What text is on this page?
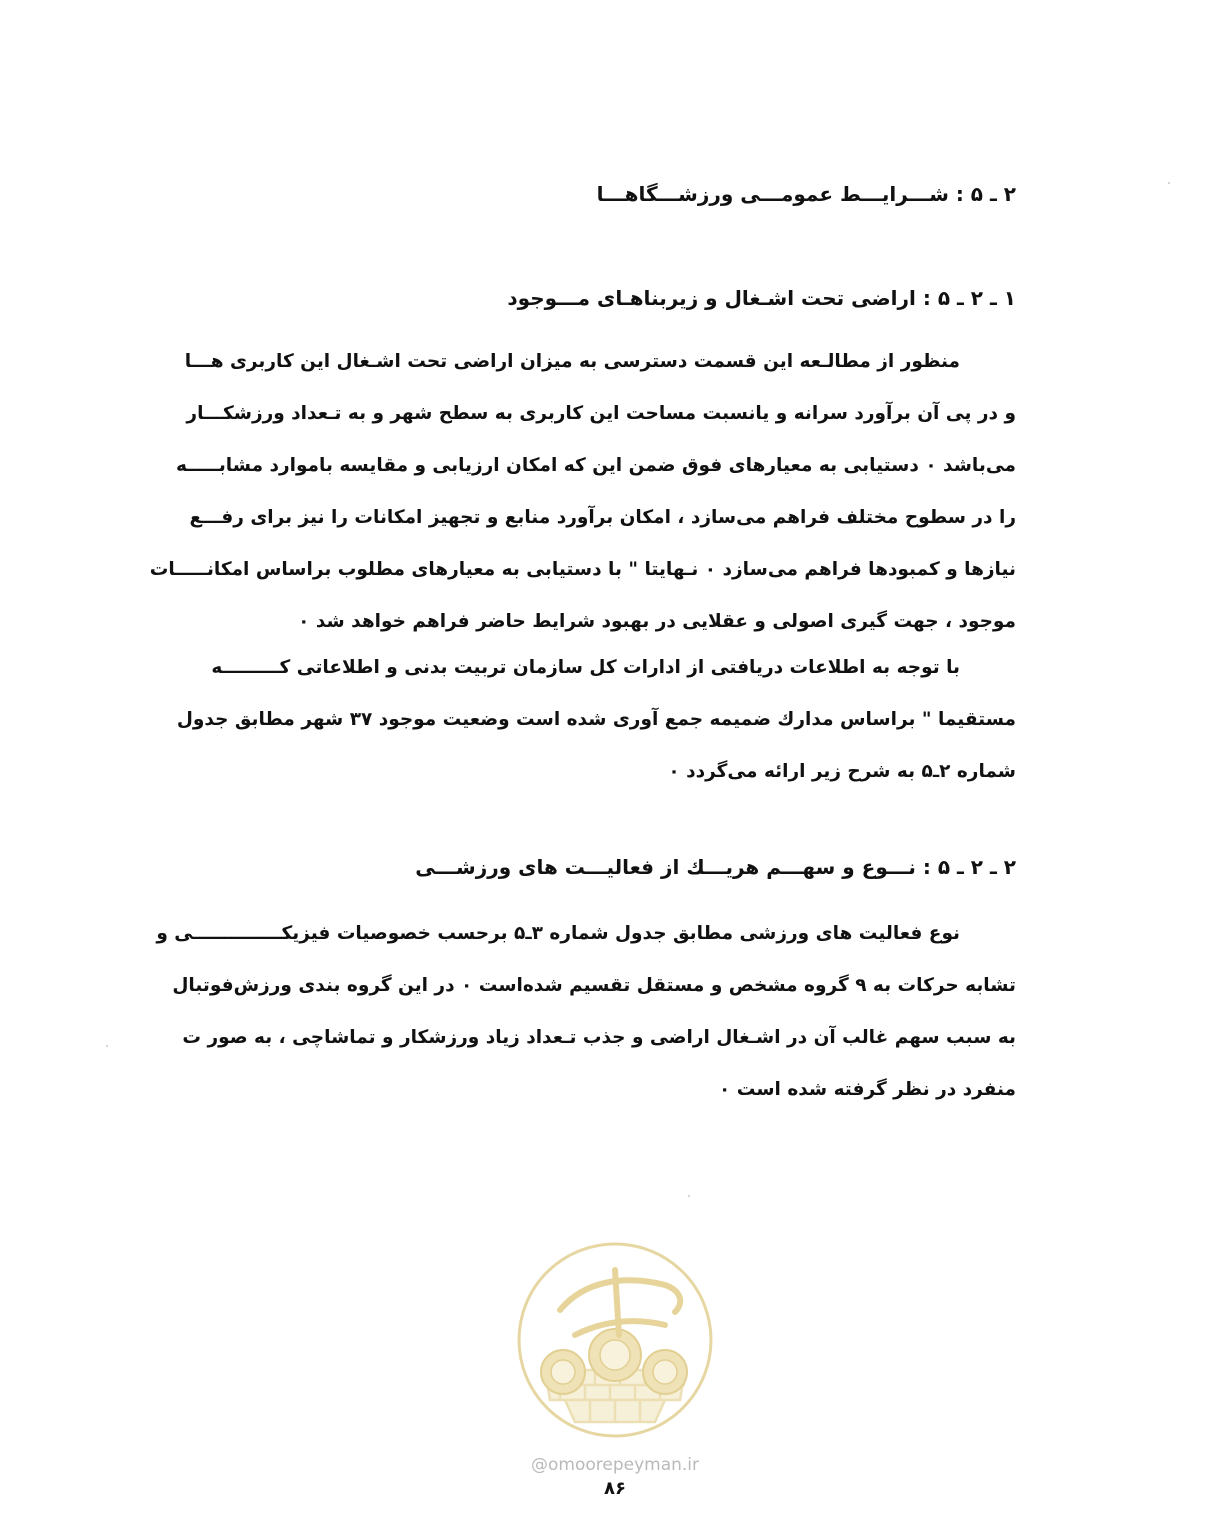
۲ ـ ۵ : شـــرایـــط عمومـــی ورزشـــگاهـــا
۱ ـ ۲ ـ ۵ : اراضی تحت اشـغال و زیربناهـای مـــوجود
منظور از مطالـعه این قسمت دسترسی به میزان اراضی تحت اشـغال این کاربری هـــا
و در پی آن برآورد سرانه و یانسبت مساحت این کاربری به سطح شهر و به تـعداد ورزشکـــار
می‌باشد ۰ دستیابی به معیارهای فوق ضمن این که امکان ارزیابی و مقایسه باموارد مشابـــــه
را در سطوح مختلف فراهم می‌سازد ، امکان برآورد منابع و تجهیز امکانات را نیز برای رفـــع
نیازها و کمبودها فراهم می‌سازد ۰ نـهایتا " با دستیابی به معیارهای مطلوب براساس امکانـــــات
موجود ، جهت گیری اصولی و عقلایی در بهبود شرایط حاضر فراهم خواهد شد ۰
با توجه به اطلاعات دریافتی از ادارات کل سازمان تربیت بدنی و اطلاعاتی کـــــــــه
مستقیما " براساس مدارك ضمیمه جمع آوری شده است وضعیت موجود ۳۷ شهر مطابق جدول
شماره ۲ـ۵ به شرح زیر ارائه می‌گردد ۰
۲ ـ ۲ ـ ۵ : نـــوع و سهـــم هریـــك از فعالیـــت های ورزشـــی
نوع فعالیت های ورزشی مطابق جدول شماره ۳ـ۵ برحسب خصوصیات فیزیکــــــــــــــی و
تشابه حرکات به ۹ گروه مشخص و مستقل تقسیم شده‌است ۰ در این گروه بندی ورزش‌فوتبال
به سبب سهم غالب آن در اشـغال اراضی و جذب تـعداد زیاد ورزشکار و تماشاچی ، به صور ت
منفرد در نظر گرفته شده است ۰
@omoorepeyman.ir
۸۶
